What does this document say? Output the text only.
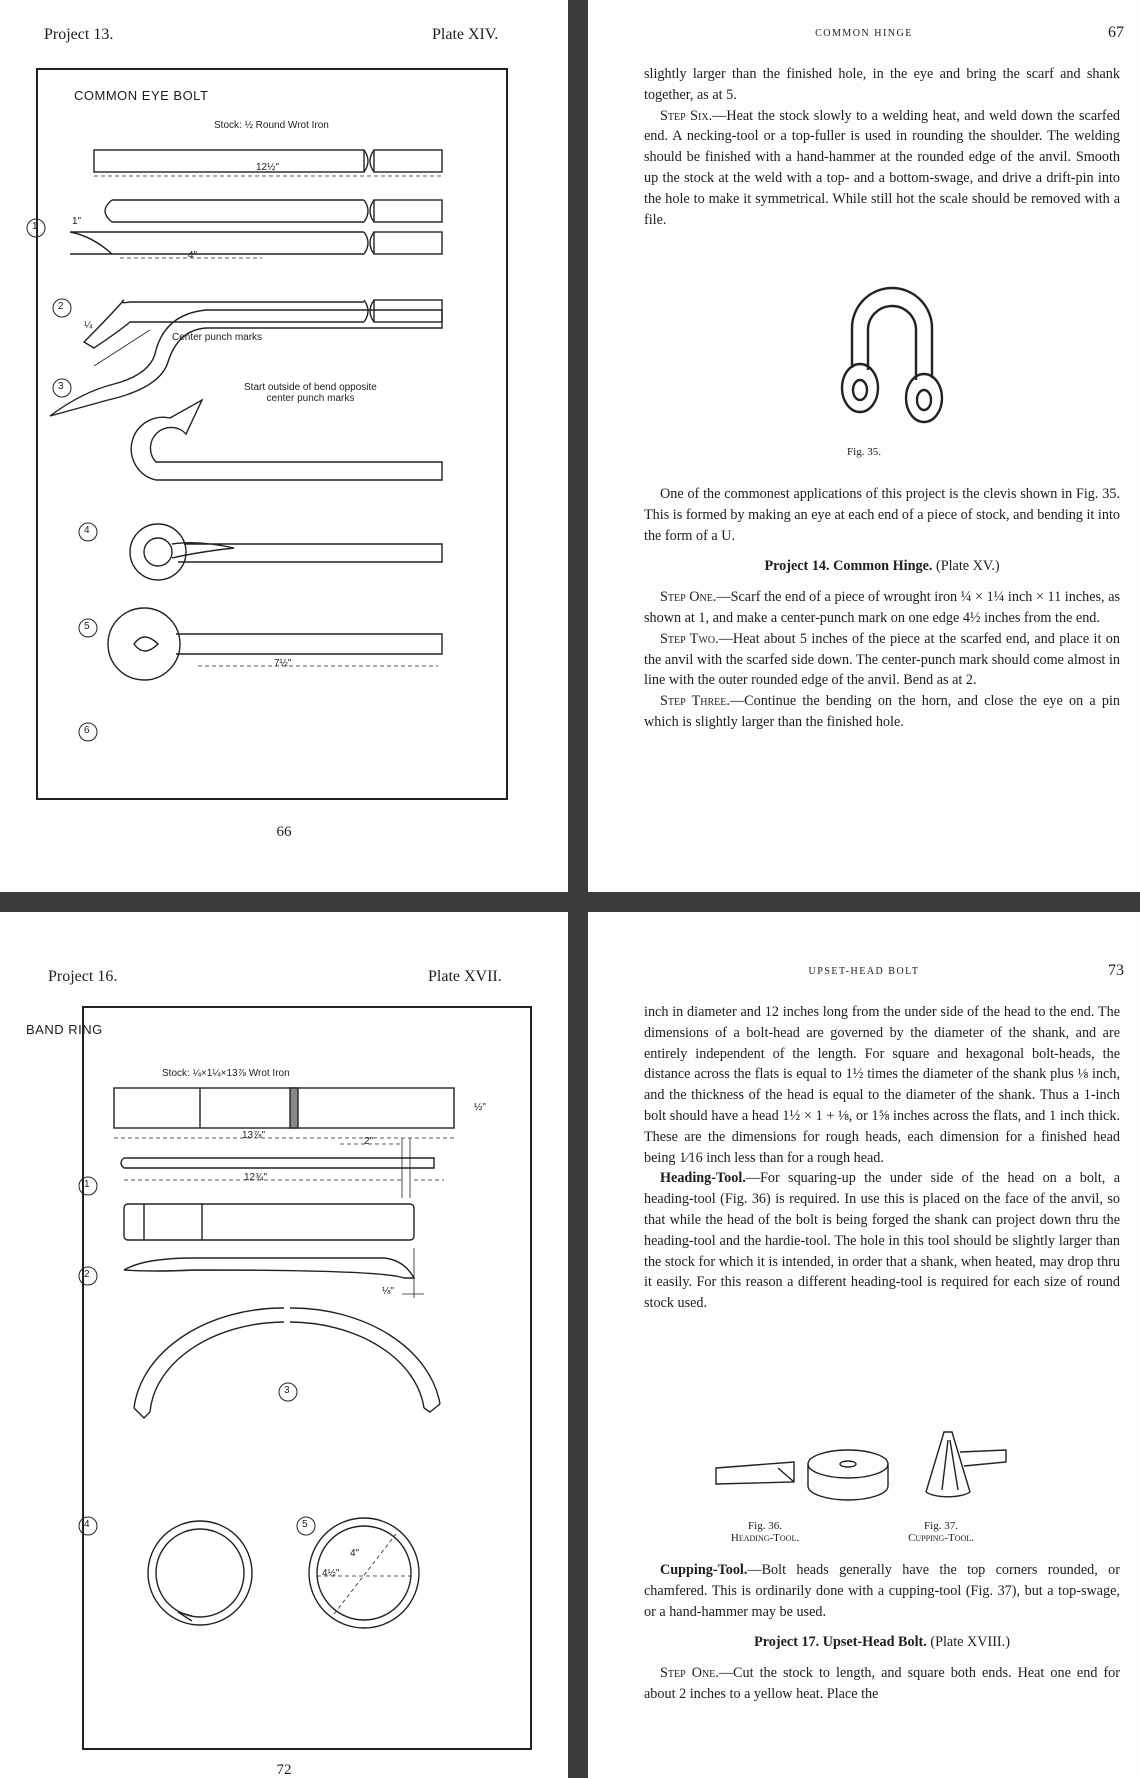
Project 13.	Plate XIV.
COMMON EYE BOLT
Stock: ½ Round Wrot Iron
12½"
1"
4"
¼
7½"
Center punch marks
Start outside of bend opposite
center punch marks
1
2
3
4
5
6
66
COMMON HINGE	67

slightly larger than the finished hole, in the eye and bring the scarf and shank together, as at 5.

Step Six.—Heat the stock slowly to a welding heat, and weld down the scarfed end. A necking-tool or a top-fuller is used in rounding the shoulder. The welding should be finished with a hand-hammer at the rounded edge of the anvil. Smooth up the stock at the weld with a top- and a bottom-swage, and drive a drift-pin into the hole to make it symmetrical. While still hot the scale should be removed with a file.

Fig. 35.

One of the commonest applications of this project is the clevis shown in Fig. 35. This is formed by making an eye at each end of a piece of stock, and bending it into the form of a U.

Project 14. Common Hinge. (Plate XV.)

Step One.—Scarf the end of a piece of wrought iron ¼ × 1¼ inch × 11 inches, as shown at 1, and make a center-punch mark on one edge 4½ inches from the end.

Step Two.—Heat about 5 inches of the piece at the scarfed end, and place it on the anvil with the scarfed side down. The center-punch mark should come almost in line with the outer rounded edge of the anvil. Bend as at 2.

Step Three.—Continue the bending on the horn, and close the eye on a pin which is slightly larger than the finished hole.

Project 16.	Plate XVII.
BAND RING
Stock: ¼×1¼×13⅞ Wrot Iron
13⅞"
2"
½"
12¾"
⅛"
4½"
4"
1
2
3
4	5
72
UPSET-HEAD BOLT	73

inch in diameter and 12 inches long from the under side of the head to the end. The dimensions of a bolt-head are governed by the diameter of the shank, and are entirely independent of the length. For square and hexagonal bolt-heads, the distance across the flats is equal to 1½ times the diameter of the shank plus ⅛ inch, and the thickness of the head is equal to the diameter of the shank. Thus a 1-inch bolt should have a head 1½ × 1 + ⅛, or 1⅝ inches across the flats, and 1 inch thick. These are the dimensions for rough heads, each dimension for a finished head being 1⁄16 inch less than for a rough head.

Heading-Tool.—For squaring-up the under side of the head on a bolt, a heading-tool (Fig. 36) is required. In use this is placed on the face of the anvil, so that while the head of the bolt is being forged the shank can project down thru the heading-tool and the hardie-tool. The hole in this tool should be slightly larger than the stock for which it is intended, in order that a shank, when heated, may drop thru it easily. For this reason a different heading-tool is required for each size of round stock used.

Fig. 36.
Heading-Tool.
Fig. 37.
Cupping-Tool.

Cupping-Tool.—Bolt heads generally have the top corners rounded, or chamfered. This is ordinarily done with a cupping-tool (Fig. 37), but a top-swage, or a hand-hammer may be used.

Project 17. Upset-Head Bolt. (Plate XVIII.)

Step One.—Cut the stock to length, and square both ends. Heat one end for about 2 inches to a yellow heat. Place the
